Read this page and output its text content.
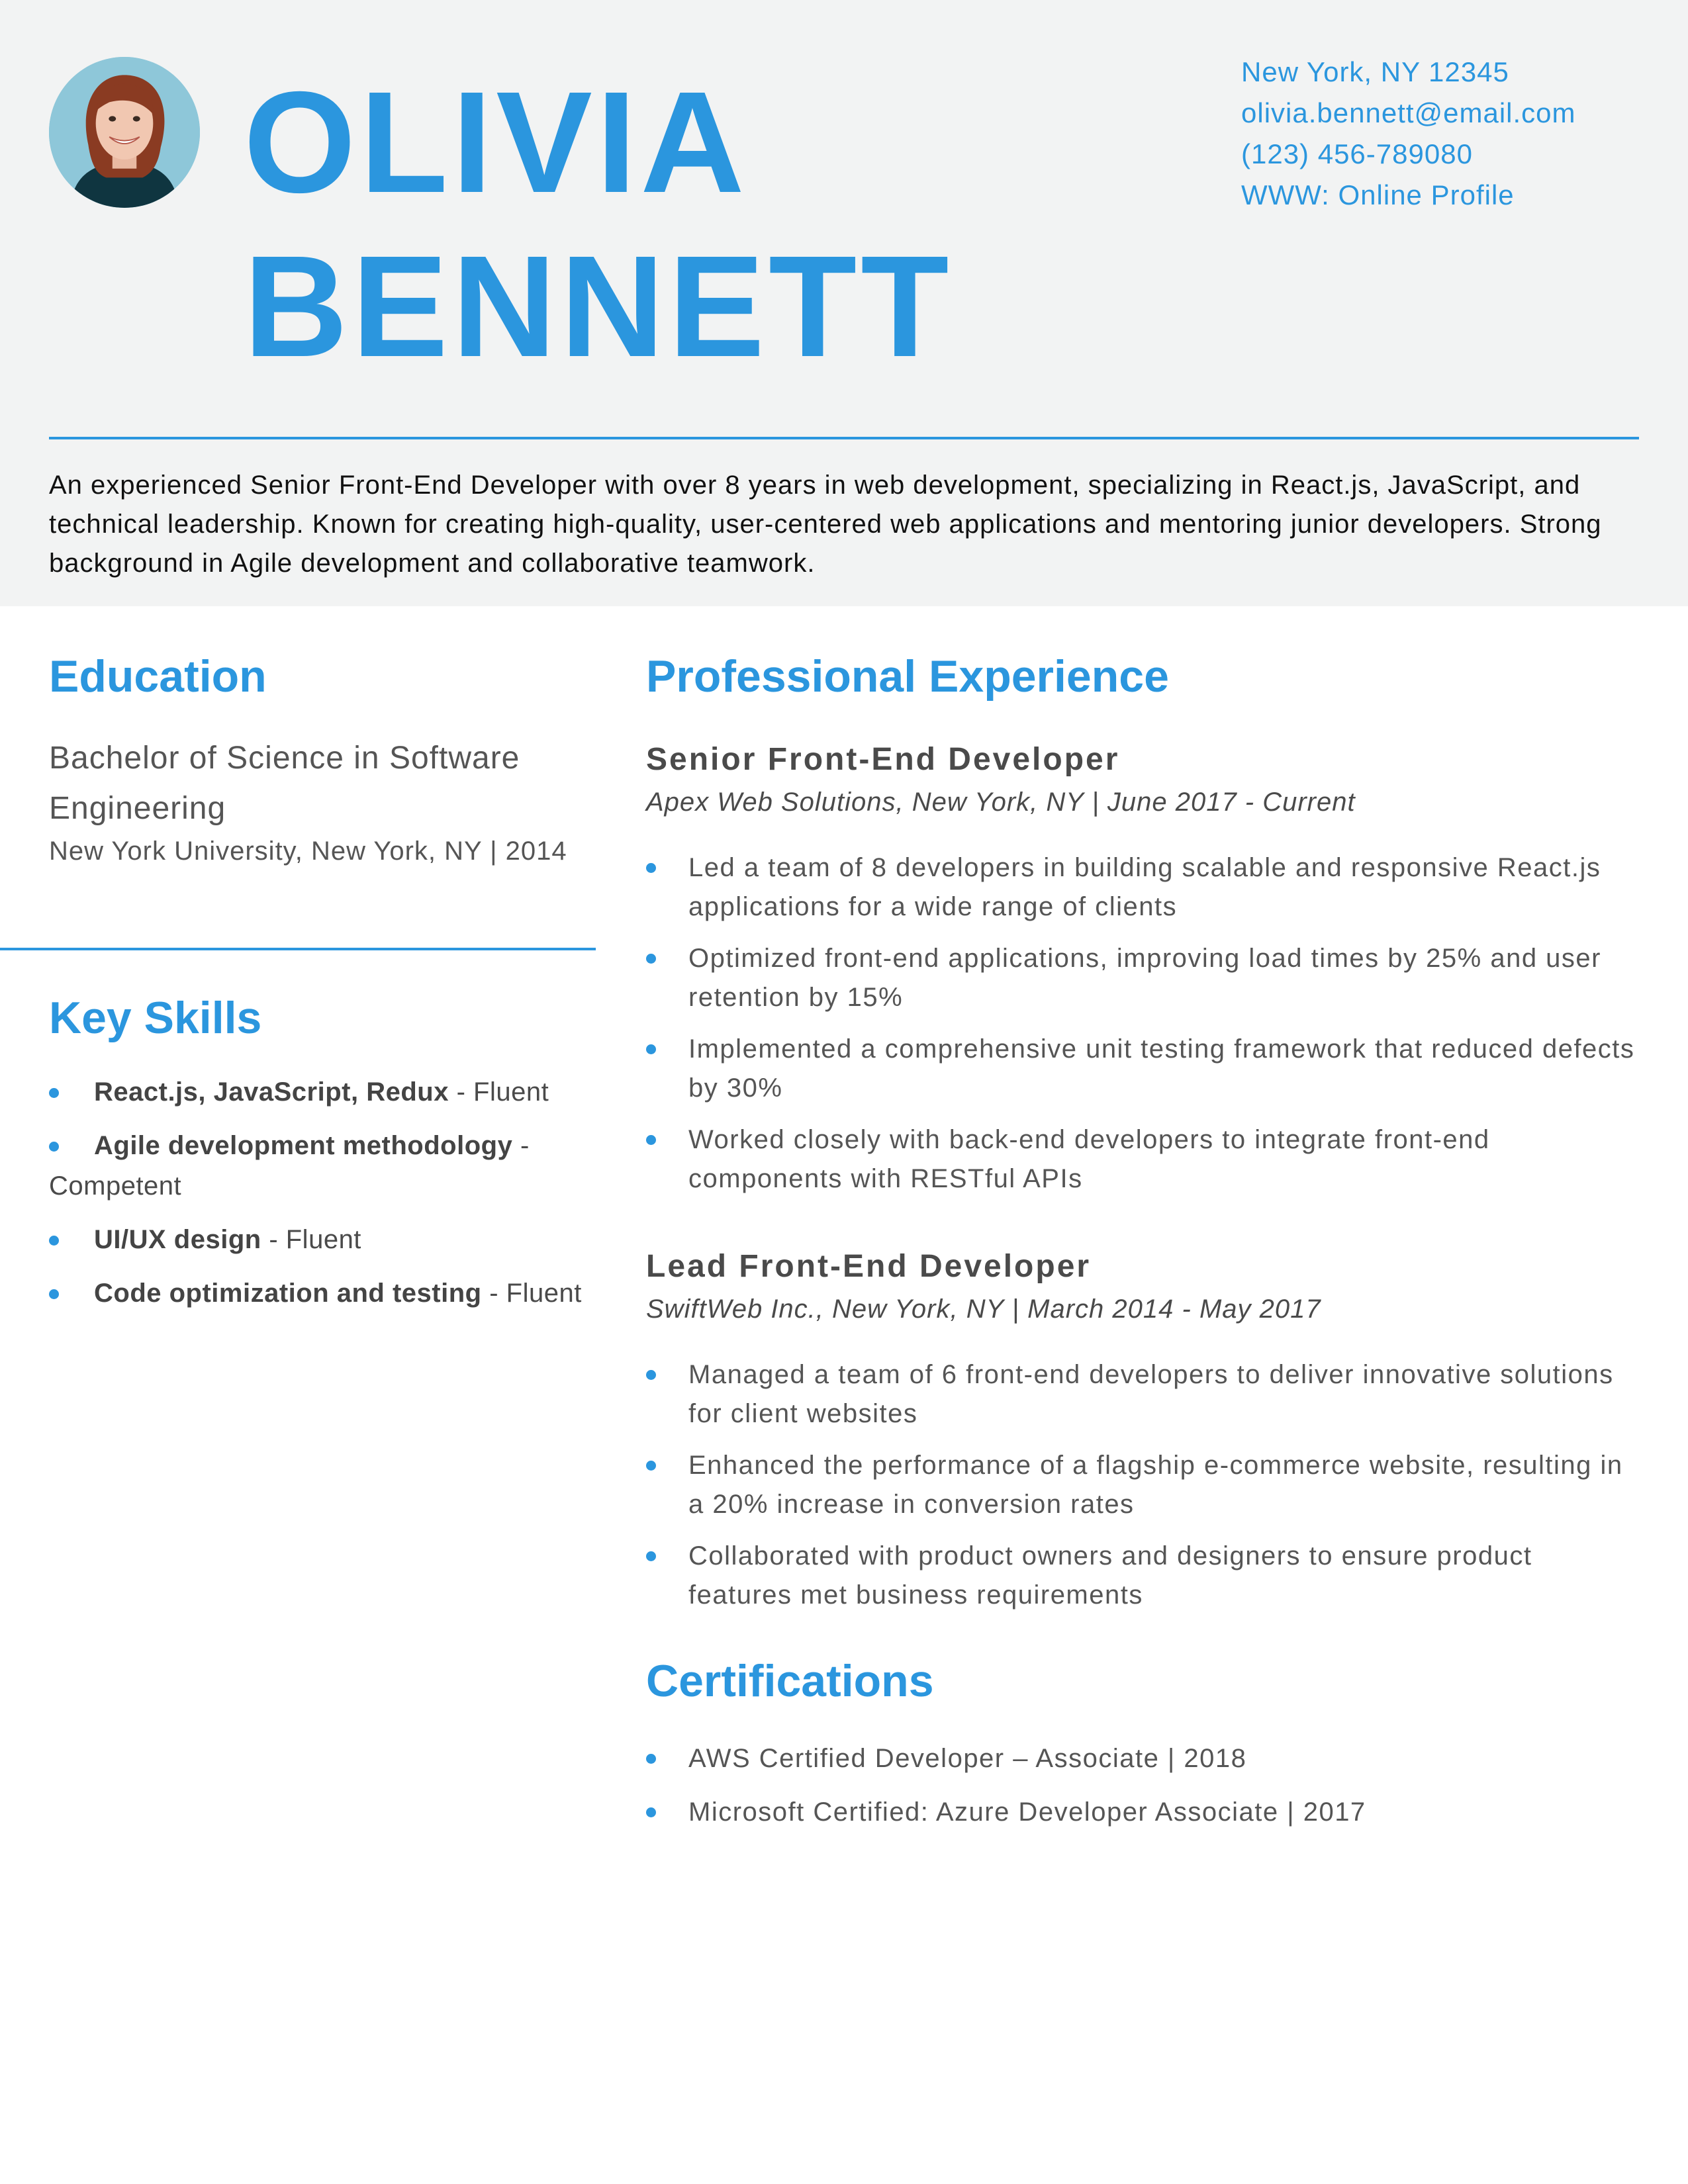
OLIVIA
BENNETT
New York, NY 12345
olivia.bennett@email.com
(123) 456-789080
WWW: Online Profile

An experienced Senior Front-End Developer with over 8 years in web development, specializing in React.js, JavaScript, and technical leadership. Known for creating high-quality, user-centered web applications and mentoring junior developers. Strong background in Agile development and collaborative teamwork.

Education
Bachelor of Science in Software Engineering
New York University, New York, NY | 2014
Key Skills
React.js, JavaScript, Redux - Fluent
Agile development methodology - Competent
UI/UX design - Fluent
Code optimization and testing - Fluent
Professional Experience
Senior Front-End Developer
Apex Web Solutions, New York, NY | June 2017 - Current
Led a team of 8 developers in building scalable and responsive React.js applications for a wide range of clients
Optimized front-end applications, improving load times by 25% and user retention by 15%
Implemented a comprehensive unit testing framework that reduced defects by 30%
Worked closely with back-end developers to integrate front-end components with RESTful APIs
Lead Front-End Developer
SwiftWeb Inc., New York, NY | March 2014 - May 2017
Managed a team of 6 front-end developers to deliver innovative solutions for client websites
Enhanced the performance of a flagship e-commerce website, resulting in a 20% increase in conversion rates
Collaborated with product owners and designers to ensure product features met business requirements
Certifications
AWS Certified Developer – Associate | 2018
Microsoft Certified: Azure Developer Associate | 2017
